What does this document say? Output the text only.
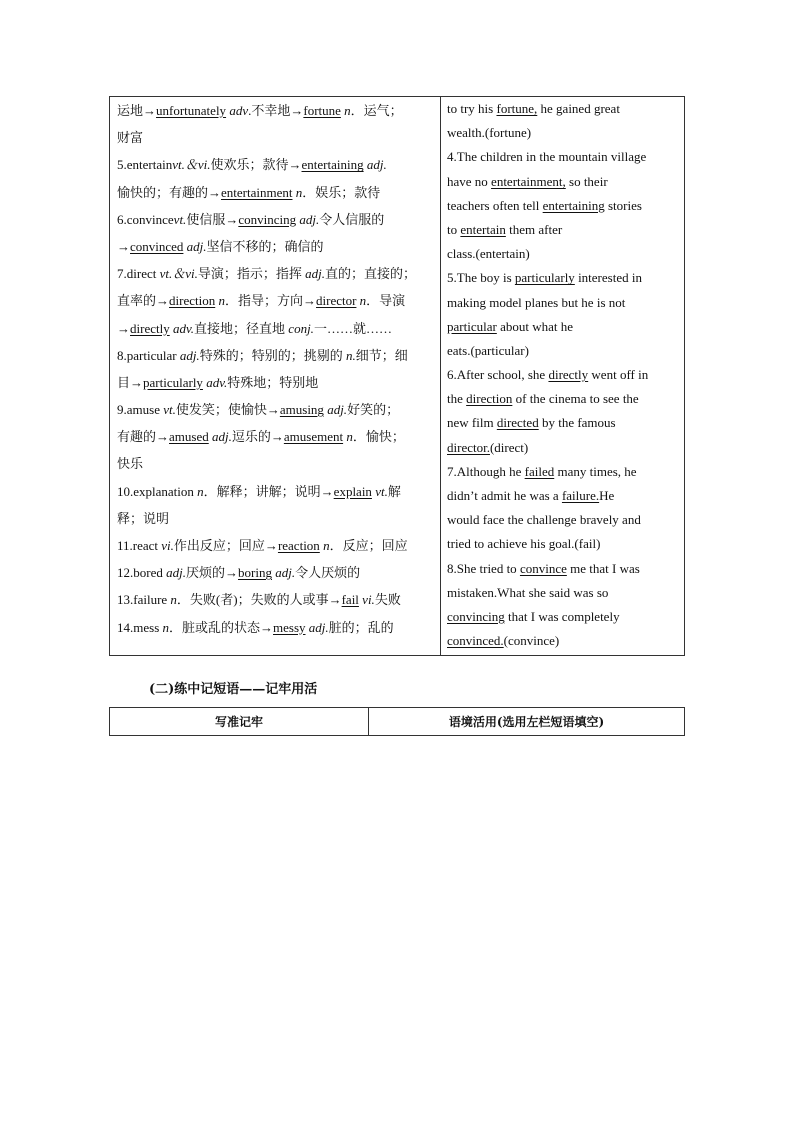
运地→unfortunately adv.不幸地→fortune n．运气；
财富
5.entertainvt.＆vi.使欢乐；款待→entertaining adj.
愉快的；有趣的→entertainment n．娱乐；款待
6.convincevt.使信服→convincing adj.令人信服的
→convinced adj.坚信不移的；确信的
7.direct vt.＆vi.导演；指示；指挥 adj.直的；直接的；
直率的→direction n．指导；方向→director n．导演
→directly adv.直接地；径直地 conj.一……就……
8.particular adj.特殊的；特别的；挑剔的 n.细节；细
目→particularly adv.特殊地；特别地
9.amuse vt.使发笑；使愉快→amusing adj.好笑的；
有趣的→amused adj.逗乐的→amusement n．愉快；
快乐
10.explanation n．解释；讲解；说明→explain vt.解
释；说明
11.react vi.作出反应；回应→reaction n．反应；回应
12.bored adj.厌烦的→boring adj.令人厌烦的
13.failure n．失败(者)；失败的人或事→fail vi.失败
14.mess n．脏或乱的状态→messy adj.脏的；乱的
to try his fortune, he gained great
wealth.(fortune)
4.The children in the mountain village
have no entertainment, so their
teachers often tell entertaining stories
to entertain them after
class.(entertain)
5.The boy is particularly interested in
making model planes but he is not
particular about what he
eats.(particular)
6.After school, she directly went off in
the direction of the cinema to see the
new film directed by the famous
director.(direct)
7.Although he failed many times, he
didn’t admit he was a failure.He
would face the challenge bravely and
tried to achieve his goal.(fail)
8.She tried to convince me that I was
mistaken.What she said was so
convincing that I was completely
convinced.(convince)
(二)练中记短语——记牢用活
写准记牢	语境活用(选用左栏短语填空)
